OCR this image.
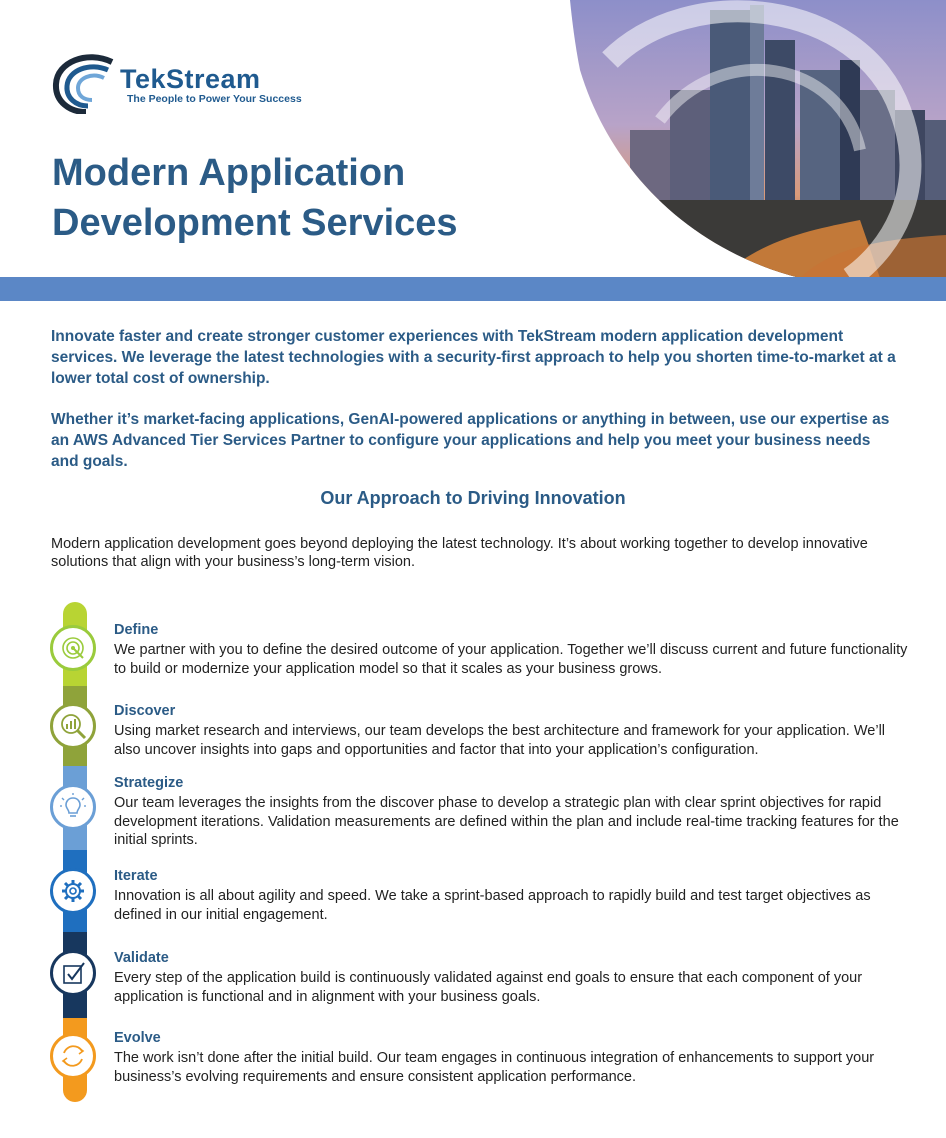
TekStream
The People to Power Your Success
Modern Application
Development Services
Innovate faster and create stronger customer experiences with TekStream modern application development services. We leverage the latest technologies with a security-first approach to help you shorten time-to-market at a lower total cost of ownership.
Whether it’s market-facing applications, GenAI-powered applications or anything in between, use our expertise as an AWS Advanced Tier Services Partner to configure your applications and help you meet your business needs and goals.
Our Approach to Driving Innovation
Modern application development goes beyond deploying the latest technology. It’s about working together to develop innovative solutions that align with your business’s long-term vision.
Define
We partner with you to define the desired outcome of your application. Together we’ll discuss current and future functionality to build or modernize your application model so that it scales as your business grows.
Discover
Using market research and interviews, our team develops the best architecture and framework for your application. We’ll also uncover insights into gaps and opportunities and factor that into your application’s configuration.
Strategize
Our team leverages the insights from the discover phase to develop a strategic plan with clear sprint objectives for rapid development iterations. Validation measurements are defined within the plan and include real-time tracking features for the initial sprints.
Iterate
Innovation is all about agility and speed. We take a sprint-based approach to rapidly build and test target objectives as defined in our initial engagement.
Validate
Every step of the application build is continuously validated against end goals to ensure that each component of your application is functional and in alignment with your business goals.
Evolve
The work isn’t done after the initial build. Our team engages in continuous integration of enhancements to support your business’s evolving requirements and ensure consistent application performance.
